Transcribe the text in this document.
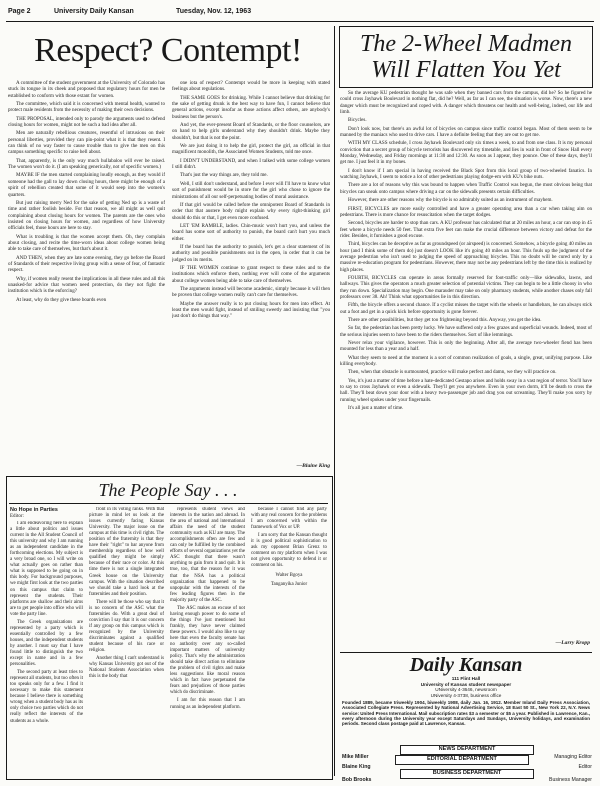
Page 2	University Daily Kansan	Tuesday, Nov. 12, 1963
Respect? Contempt!

A committee of the student government at the University of Colorado has stuck its tongue in its cheek and proposed that regulatory hours for men be established to conform with those extant for women.

The committee, which said it is concerned with mental health, wanted to protect male residents from the necessity of making their own decisions.

THE PROPOSAL, intended only to parody the arguments used to defend closing hours for women, might not be such a bad idea after all.

Men are naturally rebellious creatures, resentful of intrusions on their personal liberties, provided they can pin-point what it is that they resent. I can think of no way faster to cause trouble than to give the men on this campus something specific to raise hell about.

That, apparently, is the only way much hullabaloo will ever be raised. The women won't do it. (I am speaking generically, not of specific women.)

MAYBE IF the men started complaining loudly enough, as they would if someone had the gall to lay down closing hours, there might be enough of a spirit of rebellion created that some of it would seep into the women's quarters.

But just raising merry Ned for the sake of getting Ned up is a waste of time and rather foolish beside. For that reason, we all might as well quit complaining about closing hours for women. The parents are the ones who insisted on closing hours for women, and regardless of how University officials feel, those hours are here to stay.

What is troubling is that the women accept them. Oh, they complain about closing, and recite the time-worn ideas about college women being able to take care of themselves, but that's about it.

AND THEN, when they are late some evening, they go before the Board of Standards of their respective living group with a sense of fear, of fantastic respect.

Why, if women really resent the implications in all these rules and all this unasked-for advice that women need protection, do they not fight the institution which is the enforcing?

At least, why do they give these boards even

one iota of respect? Contempt would be more in keeping with stated feelings about regulations.

THE SAME GOES for drinking. While I cannot believe that drinking for the sake of getting drunk is the best way to have fun, I cannot believe that general actions, except insofar as those actions affect others, are anybody's business but the person's.

And yet, the ever-present Board of Standards, or the floor counselors, are on hand to help girls understand why they shouldn't drink. Maybe they shouldn't, but that is not the point.

We are just doing it to help the girl, protect the girl, an official in that magnificent monolith, the Associated Women Students, told me once.

I DIDN'T UNDERSTAND, and when I talked with some college women I still didn't.

That's just the way things are, they told me.

Well, I still don't understand, and before I ever will I'll have to know what sort of punishment would be in store for the girl who chose to ignore the ministrations of all our self-perpetuating bodies of moral assistance.

If that girl would be called before the omnipotent Board of Standards in order that that austere body might explain why every right-thinking girl should do this or that, I get even more confused.

LET 'EM RAMBLE, ladies. Chin-music won't hurt you, and unless the board has some sort of authority to punish, the board can't hurt you much either.

If the board has the authority to punish, let's get a clear statement of its authority and possible punishments out in the open, in order that it can be judged on its merits.

IF THE WOMEN continue to grant respect to these rules and to the institutions which enforce them, nothing ever will come of the arguments about college women being able to take care of themselves.

The arguments instead will become academic, simply because it will then be proven that college women really can't care for themselves.

Maybe the answer really is to put closing hours for men into effect. At least the men would fight, instead of smiling sweetly and insisting that "you just don't do things that way."

—Blaine King
The 2-Wheel Madmen
Will Flatten You Yet

So the average KU pedestrian thought he was safe when they banned cars from the campus, did he? So he figured he could cross Jayhawk Boulevard in nothing flat, did he? Well, as far as I can see, the situation is worse. Now, there's a new danger which must be recognized and coped with. A danger which threatens our health and well-being, indeed, our life and limb.

Bicycles.

Don't look now, but there's an awful lot of bicycles on campus since traffic control began. Most of them seem to be manned by the maniacs who used to drive cars. I have a definite feeling that they are out to get me.

WITH MY CLASS schedule, I cross Jayhawk Boulevard only six times a week, to and from one class. It is my personal conviction that a secret group of bicycle terrorists has discovered my timetable, and lies in wait in front of Snow Hall every Monday, Wednesday, and Friday mornings at 11:30 and 12:30. As soon as I appear, they pounce. One of these days, they'll get me. I just feel it in my bones.

I don't know if I am special in having received the Black Spot from this local group of two-wheeled fanatics. In watching Jayhawk, I seem to notice a lot of other pedestrians playing dodge-em with KU's bike nuts.

There are a lot of reasons why this was bound to happen when Traffic Control was begun, the most obvious being that bicycles can sneak onto campus where driving a car on the sidewalk presents certain difficulties.

However, there are other reasons why the bicycle is so admirably suited as an instrument of mayhem.

FIRST, BICYCLES are more easily controlled and have a greater operating area than a car when taking aim on pedestrians. There is more chance for resuscitation when the target dodges.

Second, bicycles are harder to stop than cars. A KU professor has calculated that at 20 miles an hour, a car can stop in 45 feet where a bicycle needs 50 feet. That extra five feet can make the crucial difference between victory and defeat for the rider. Besides, it furnishes a good excuse.

Third, bicycles can be deceptive as far as groundspeed (or airspeed) is concerned. Somehow, a bicycle going 40 miles an hour (and I think some of them do) just doesn't LOOK like it's going 40 miles an hour. This fouls up the judgment of the average pedestrian who isn't used to judging the speed of approaching bicycles. This no doubt will be cured only by a massive re-education program for pedestrians. However, there may not be any pedestrians left by the time this is realized by high places.

FOURTH, BICYCLES can operate in areas formally reserved for foot-traffic only—like sidewalks, lawns, and hallways. This gives the operators a much greater selection of potential victims. They can begin to be a little choosy in who they run down. Specialization may begin. One marauder may take on only pharmacy students, while another chases only fall professors over 38. Ah! Think what opportunities lie in this direction.

Fifth, the bicycle offers a second chance. If a cyclist misses the target with the wheels or handlebars, he can always stick out a foot and get in a quick kick before opportunity is gone forever.

There are other possibilities, but they get too frightening beyond this. Anyway, you get the idea.

So far, the pedestrian has been pretty lucky. We have suffered only a few grazes and superficial wounds. Indeed, most of the serious injuries seem to have been to the riders themselves. Sort of like lemmings.

Never relax your vigilance, however. This is only the beginning. After all, the average two-wheeler fiend has been mounted for less than a year and a half.

What they seem to need at the moment is a sort of common realization of goals, a single, great, unifying purpose. Like killing everybody.

Then, when that obstacle is surmounted, practice will make perfect and damn, we they will practice on.

Yes, it's just a matter of time before a hate-dedicated Gestapo arises and holds sway in a vast region of terror. You'll have to say to cross Jayhawk or even a sidewalk. They'll get you anywhere. Even in your own dorm, it'll be death to cross the hall. They'll beat down your door with a heavy two-passenger job and drag you out screaming. They'll make you sorry by running wheel spokes under your fingernails.

It's all just a matter of time.

—Larry Kropp
The People Say . . .
No Hope in Parties
Editor:

I am endeavoring here to explain a little about politics and issues current in the All Student Council of this university and why I am running as an independent candidate in the forthcoming elections. My subject is a very broad one, so I will write on what actually goes on rather than what is supposed to be going on in this body. For background purposes, we might first look at the two parties on this campus that claim to represent the students. Their platforms are shallow and their aims are to get people into office who will vote the party line.

The Greek organizations are represented by a party which is essentially controlled by a few houses, and the independent students by another. I must say that I have found little to distinguish the two except in name and in a few personalities.

The second party at least tries to represent all students, but too often it too speaks only for a few. I find it necessary to make this statement because I believe there is something wrong when a student body has as its only choice two parties which do not really reflect the interests of the students as a whole.

front in its voting ranks. With that picture in mind let us look at the issues currently facing Kansas University. The major issue on the campus at this time is civil rights. The position of the fraternity is that they have their "right" to bar anyone from membership regardless of how well qualified they might be simply because of their race or color. At this time there is not a single integrated Greek house on the University campus. With the situation described we should take a hard look at the fraternities and their position.

There will be those who say that it is no concern of the ASC what the fraternities do. With a great deal of conviction I say that it is our concern if any group on this campus which is recognized by the University discriminates against a qualified student because of his race or religion.

Another thing I can't understand is why Kansas University got out of the National Students Association when this is the body that

represents student views and interests in the nation and abroad. In the area of national and international affairs the need of the student community such as KU are many. The accomplishments often are few and can only be fulfilled by the combined efforts of several organizations yet the ASC thought that there wasn't anything to gain from it and quit. It is true, too, that the reason for it was that the NSA has a political organization that happened to be unpopular with the interests of the few leading figures then in the majority party of the ASC.

The ASC makes an excuse of not having enough power to do some of the things I've just mentioned but frankly, they have never claimed these powers. I would also like to say here that even the faculty senate has no authority over any so-called important matters of university policy. That's why the administration should take direct action to eliminate the problem of civil rights and make less suggestions like moral reason which in fact have perpetuated the fears and prejudices of those parties which do discriminate.

I am for this reason that I am running as an independent platform.

because I cannot find any party with any real concern for the problems I am concerned with within the framework of Vox or UP.

I am sorry that the Kansan thought it is good political sophistication to ask my opponent Brian Grenz to comment on my platform when I was not given opportunity to defend it or comment on his.

Walter Bgoya

Tanganyika Junior

Daily Kansan
111 Flint Hall
University of Kansas student newspaper
UNiversity 4-3646, newsroom
UNiversity 4-3738, business office
Founded 1889, became triweekly 1904, biweekly 1908, daily Jan. 16, 1912. Member Inland Daily Press Association, Associated Collegiate Press. Represented by National Advertising Service, 18 East 50 St., New York 22, N.Y. News service: United Press International. Mail subscription rates $3 a semester or $5 a year. Published in Lawrence, Kan., every afternoon during the University year except Saturdays and Sundays, University holidays, and examination periods. Second class postage paid at Lawrence, Kansas.
NEWS DEPARTMENT
Mike Miller	Managing Editor
EDITORIAL DEPARTMENT
Blaine King	Editor
BUSINESS DEPARTMENT
Bob Brooks	Business Manager
